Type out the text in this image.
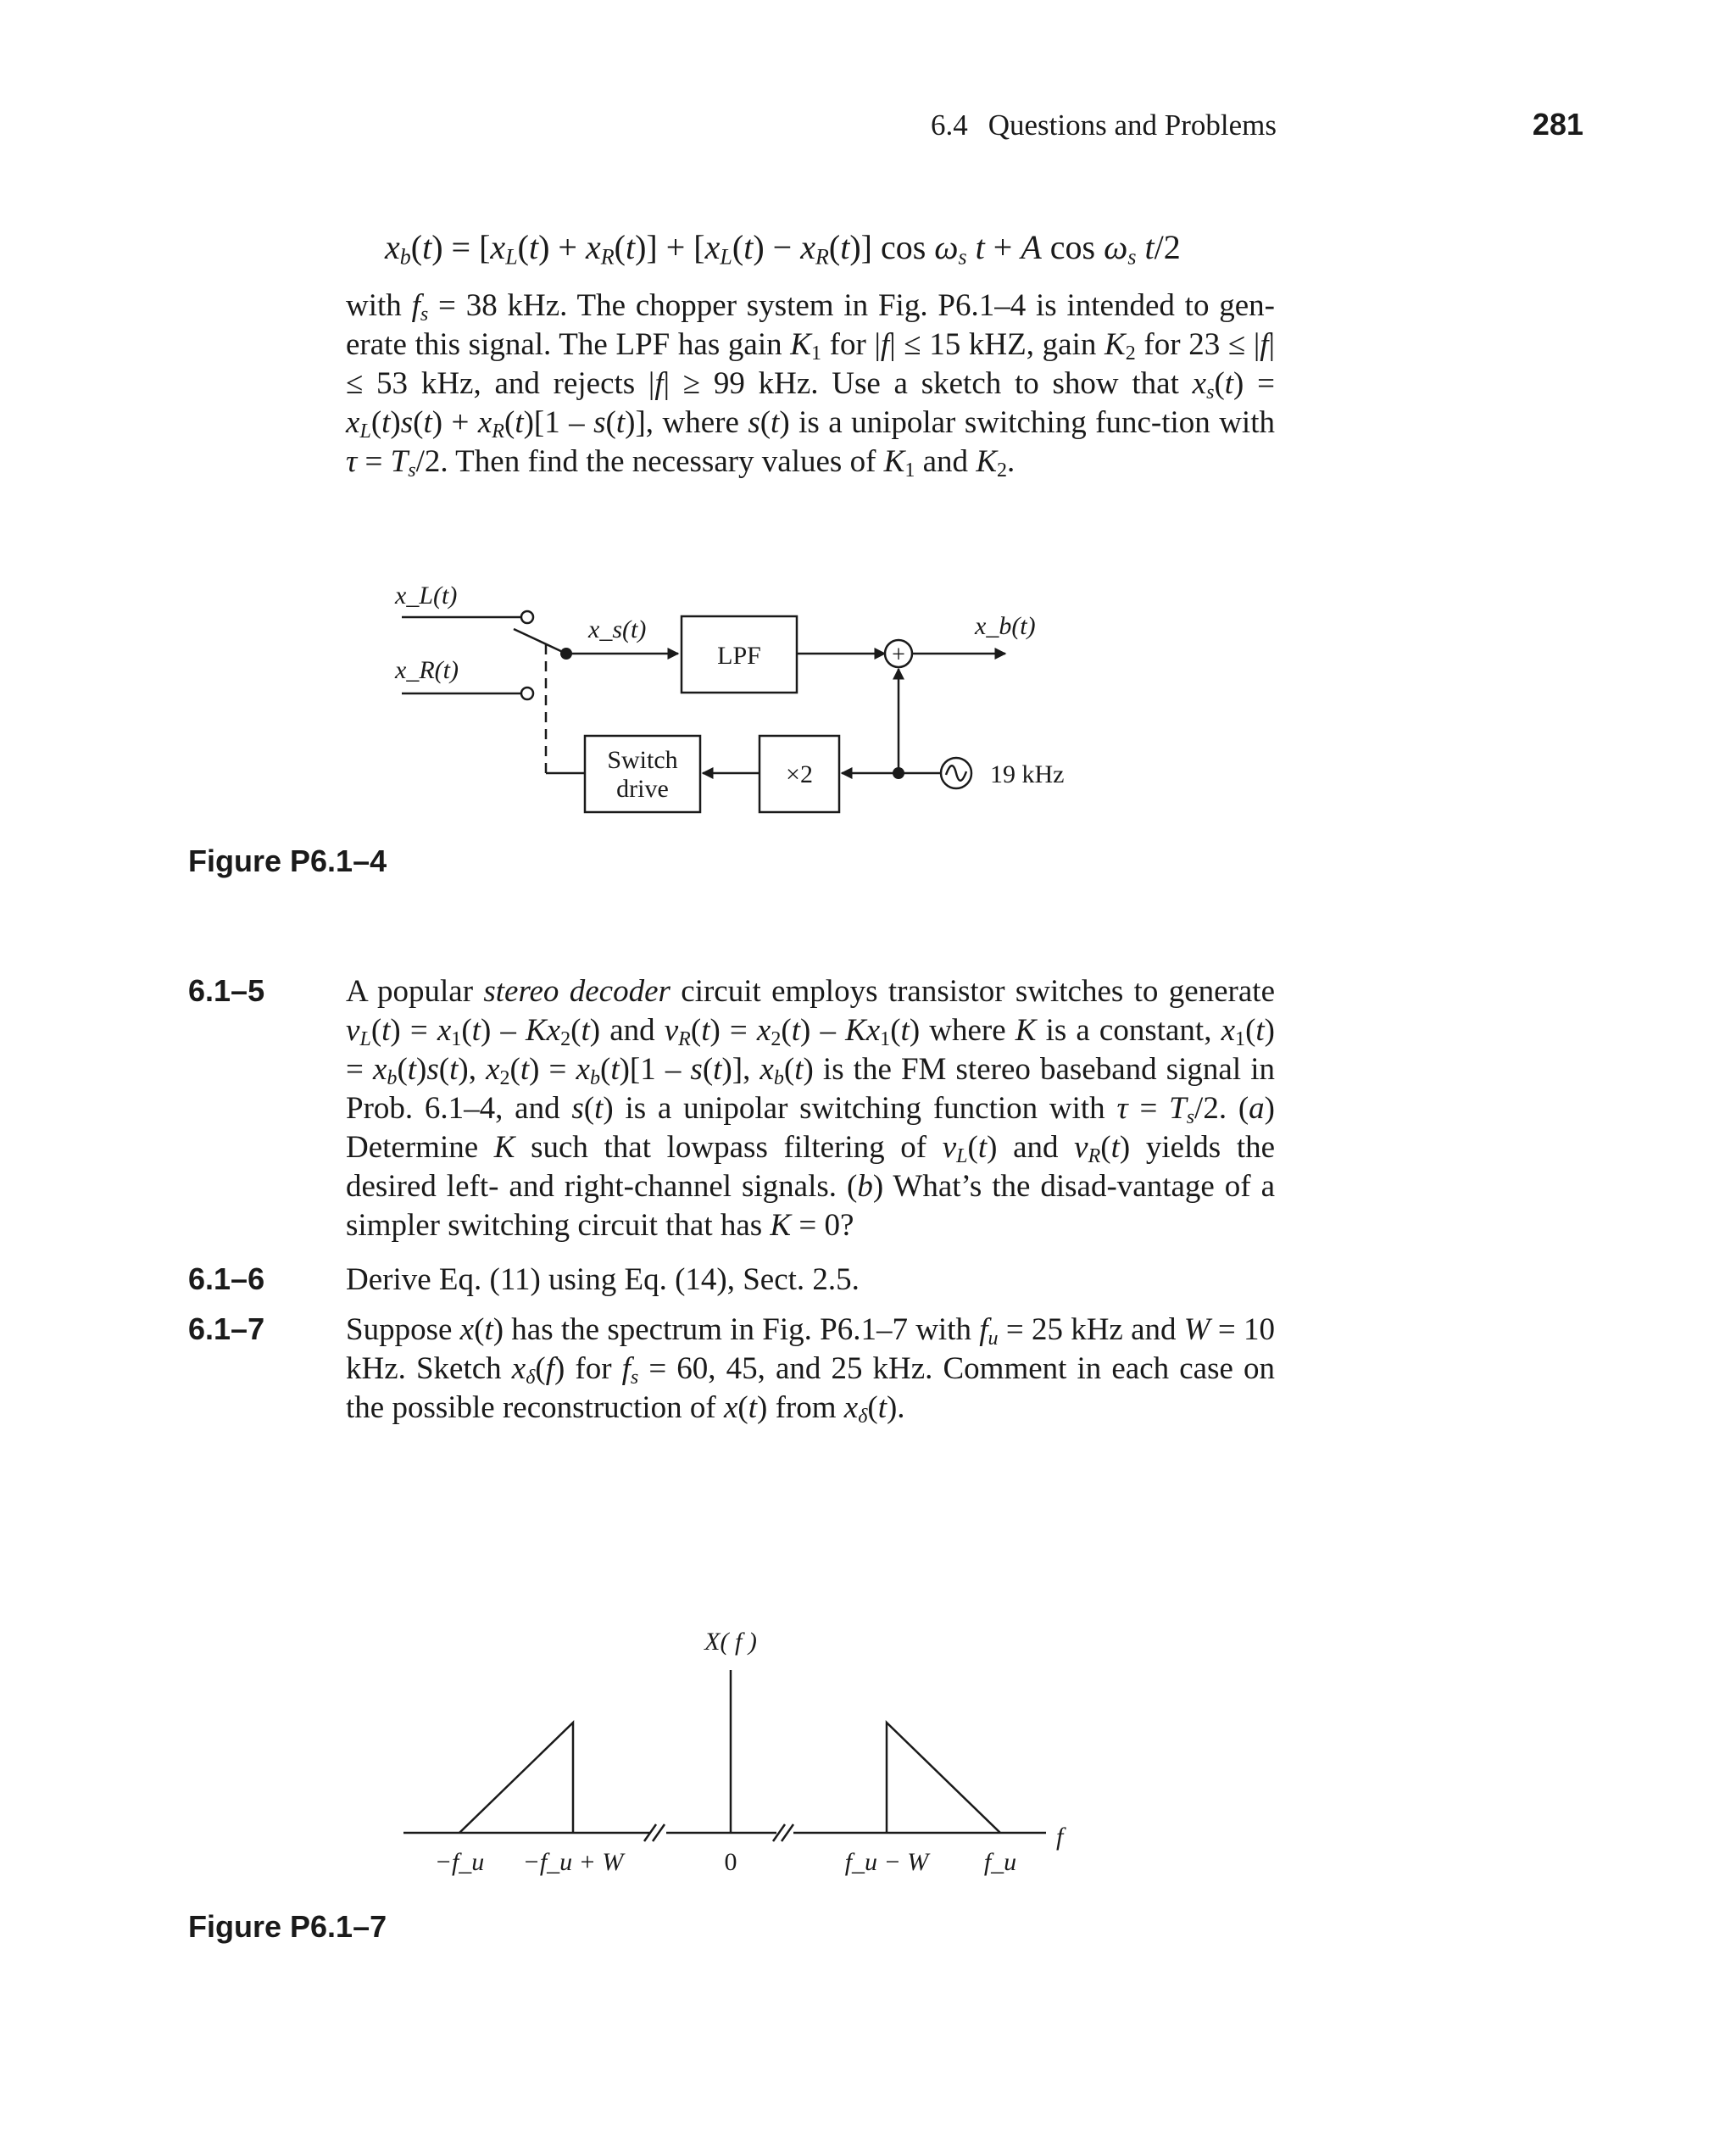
6.4 Questions and Problems	281
$x_b(t) = [x_L(t) + x_R(t)] + [x_L(t) - x_R(t)]$ $\cos \omega_s$ t + A $\cos \omega_s$ t/2
with $f_s = 38$ kHz. The chopper system in Fig. P6.1–4 is intended to gen-erate this signal. The LPF has gain $K_1$ for |f| ≤ 15 kHZ, gain $K_2$ for 23 ≤ |f| ≤ 53 kHz, and rejects |f| ≥ 99 kHz. Use a sketch to show that $x_s(t) = x_L(t)s(t) + x_R(t)[1 - s(t)]$, where s(t) is a unipolar switching func-tion with $\tau = T_s/2$. Then find the necessary values of $K_1$ and $K_2$.
x_L(t)
x_R(t)
x_s(t)
LPF	+
x_b(t)
Switch
drive
×2	19 kHz
Figure P6.1–4
6.1–5	A popular stereo decoder circuit employs transistor switches to generate $v_L(t) = x_1(t) - Kx_2(t)$ and $v_R(t) = x_2(t) - Kx_1(t)$ where K is a constant, $x_1(t) = x_b(t)s(t)$, $x_2(t) = x_b(t)[1 - s(t)]$, $x_b(t)$ is the FM stereo baseband signal in Prob. 6.1–4, and s(t) is a unipolar switching function with $\tau = T_s/2$. (a) Determine K such that lowpass filtering of $v_L(t)$ and $v_R(t)$ yields the desired left- and right-channel signals. (b) What’s the disad-vantage of a simpler switching circuit that has K = 0?
6.1–6	Derive Eq. (11) using Eq. (14), Sect. 2.5.
6.1–7	Suppose x(t) has the spectrum in Fig. P6.1–7 with $f_u = 25$ kHz and W = 10 kHz. Sketch $x_\delta(f)$ for $f_s = 60$, 45, and 25 kHz. Comment in each case on the possible reconstruction of x(t) from $x_\delta(t)$.
X( f )
f
−f_u −f_u + W	0	f_u − W f_u
Figure P6.1–7
